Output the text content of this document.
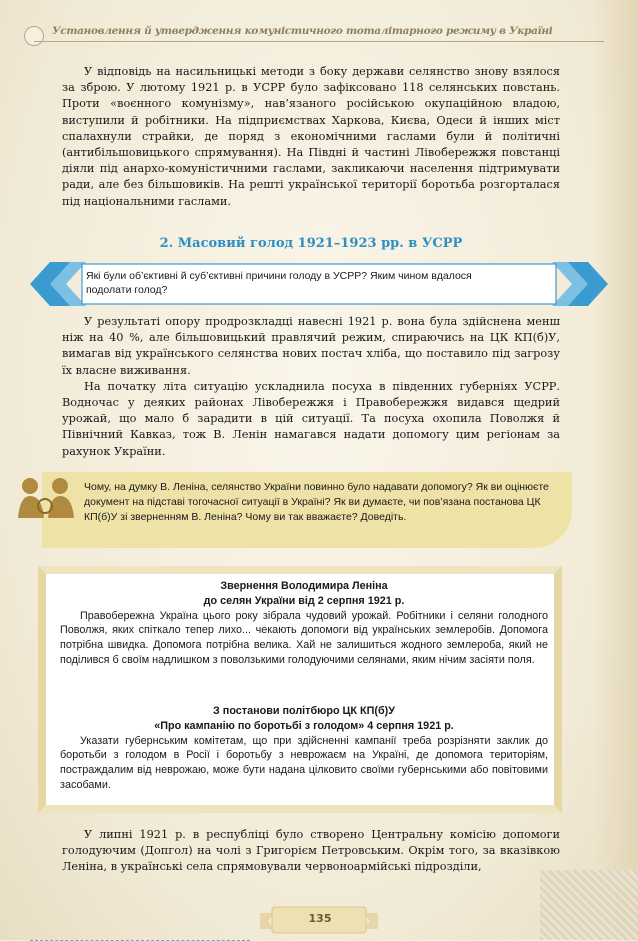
Установлення й утвердження комуністичного тоталітарного режиму в Україні

У відповідь на насильницькі методи з боку держави селянство знову взялося за зброю. У лютому 1921 р. в УСРР було зафіксовано 118 селянських повстань. Проти «воєнного комунізму», нав’язаного російською окупаційною владою, виступили й робітники. На підприємствах Харкова, Києва, Одеси й інших міст спалахнули страйки, де поряд з економічними гаслами були й політичні (антибільшовицького спрямування). На Півдні й частині Лівобережжя повстанці діяли під анархо-комуністичними гаслами, закликаючи населення підтримувати ради, але без більшовиків. На решті української території боротьба розгорталася під національними гаслами.

2. Масовий голод 1921–1923 рр. в УСРР
Які були об’єктивні й суб’єктивні причини голоду в УСРР? Яким чином вдалося подолати голод?

У результаті опору продрозкладці навесні 1921 р. вона була здійснена менш ніж на 40 %, але більшовицький правлячий режим, спираючись на ЦК КП(б)У, вимагав від українського селянства нових постач хліба, що поставило під загрозу їх власне виживання.

На початку літа ситуацію ускладнила посуха в південних губерніях УСРР. Водночас у деяких районах Лівобережжя і Правобережжя видався щедрий урожай, що мало б зарадити в цій ситуації. Та посуха охопила Поволжя й Північний Кавказ, тож В. Ленін намагався надати допомогу цим регіонам за рахунок України.

Чому, на думку В. Леніна, селянство України повинно було надавати допомогу? Як ви оцінюєте документ на підставі тогочасної ситуації в Україні? Як ви думаєте, чи пов’язана постанова ЦК КП(б)У зі зверненням В. Леніна? Чому ви так вважаєте? Доведіть.
Звернення Володимира Леніна
до селян України від 2 серпня 1921 р.
Правобережна Україна цього року зібрала чудовий урожай. Робітники і селяни голодного Поволжя, яких спіткало тепер лихо... чекають допомоги від українських землеробів. Допомога потрібна швидка. Допомога потрібна велика. Хай не залишиться жодного землероба, який не поділився б своїм надлишком з поволзькими голодуючими селянами, яким нічим засіяти поля.
З постанови політбюро ЦК КП(б)У
«Про кампанію по боротьбі з голодом» 4 серпня 1921 р.
Указати губернським комітетам, що при здійсненні кампанії треба розрізняти заклик до боротьби з голодом в Росії і боротьбу з неврожаєм на Україні, де допомога територіям, постраждалим від неврожаю, може бути надана цілковито своїми губернськими або повітовими засобами.

У липні 1921 р. в республіці було створено Центральну комісію допомоги голодуючим (Допгол) на чолі з Григорієм Петровським. Окрім того, за вказівкою Леніна, в українські села спрямовували червоноармійські підрозділи,

135
